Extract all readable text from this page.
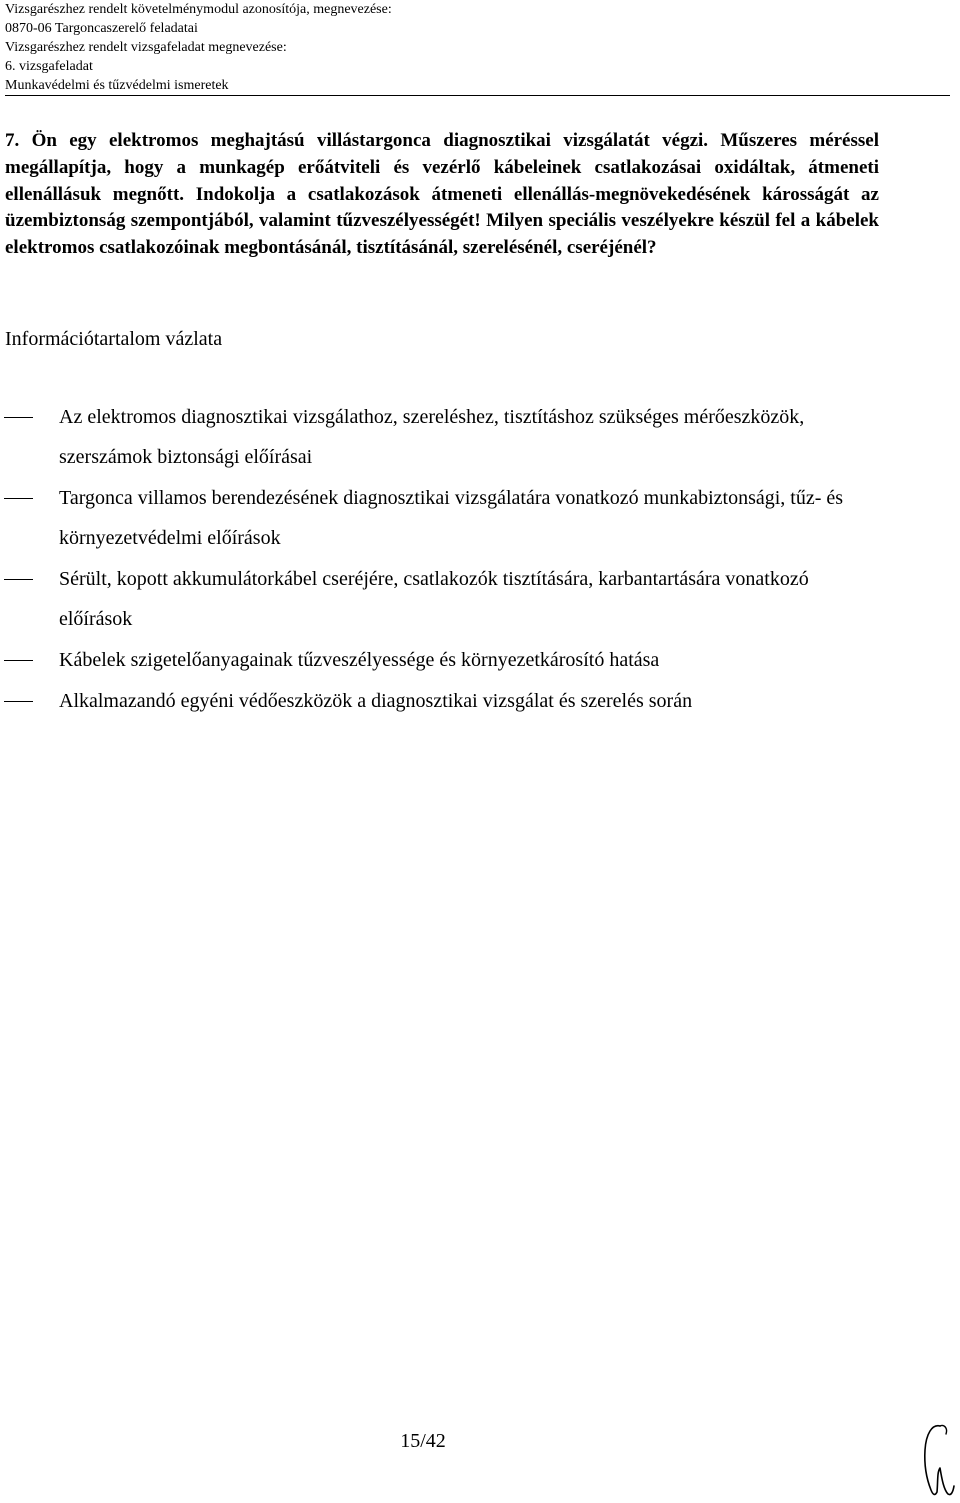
Vizsgarészhez rendelt követelménymodul azonosítója, megnevezése:
0870-06 Targoncaszerelő feladatai
Vizsgarészhez rendelt vizsgafeladat megnevezése:
6. vizsgafeladat
Munkavédelmi és tűzvédelmi ismeretek
7. Ön egy elektromos meghajtású villástargonca diagnosztikai vizsgálatát végzi. Műszeres méréssel megállapítja, hogy a munkagép erőátviteli és vezérlő kábeleinek csatlakozásai oxidáltak, átmeneti ellenállásuk megnőtt. Indokolja a csatlakozások átmeneti ellenállás-megnövekedésének károsságát az üzembiztonság szempontjából, valamint tűzveszélyességét! Milyen speciális veszélyekre készül fel a kábelek elektromos csatlakozóinak megbontásánál, tisztításánál, szerelésénél, cseréjénél?
Információtartalom vázlata
Az elektromos diagnosztikai vizsgálathoz, szereléshez, tisztításhoz szükséges mérőeszközök, szerszámok biztonsági előírásai
Targonca villamos berendezésének diagnosztikai vizsgálatára vonatkozó munkabiztonsági, tűz- és környezetvédelmi előírások
Sérült, kopott akkumulátorkábel cseréjére, csatlakozók tisztítására, karbantartására vonatkozó előírások
Kábelek szigetelőanyagainak tűzveszélyessége és környezetkárosító hatása
Alkalmazandó egyéni védőeszközök a diagnosztikai vizsgálat és szerelés során
15/42
